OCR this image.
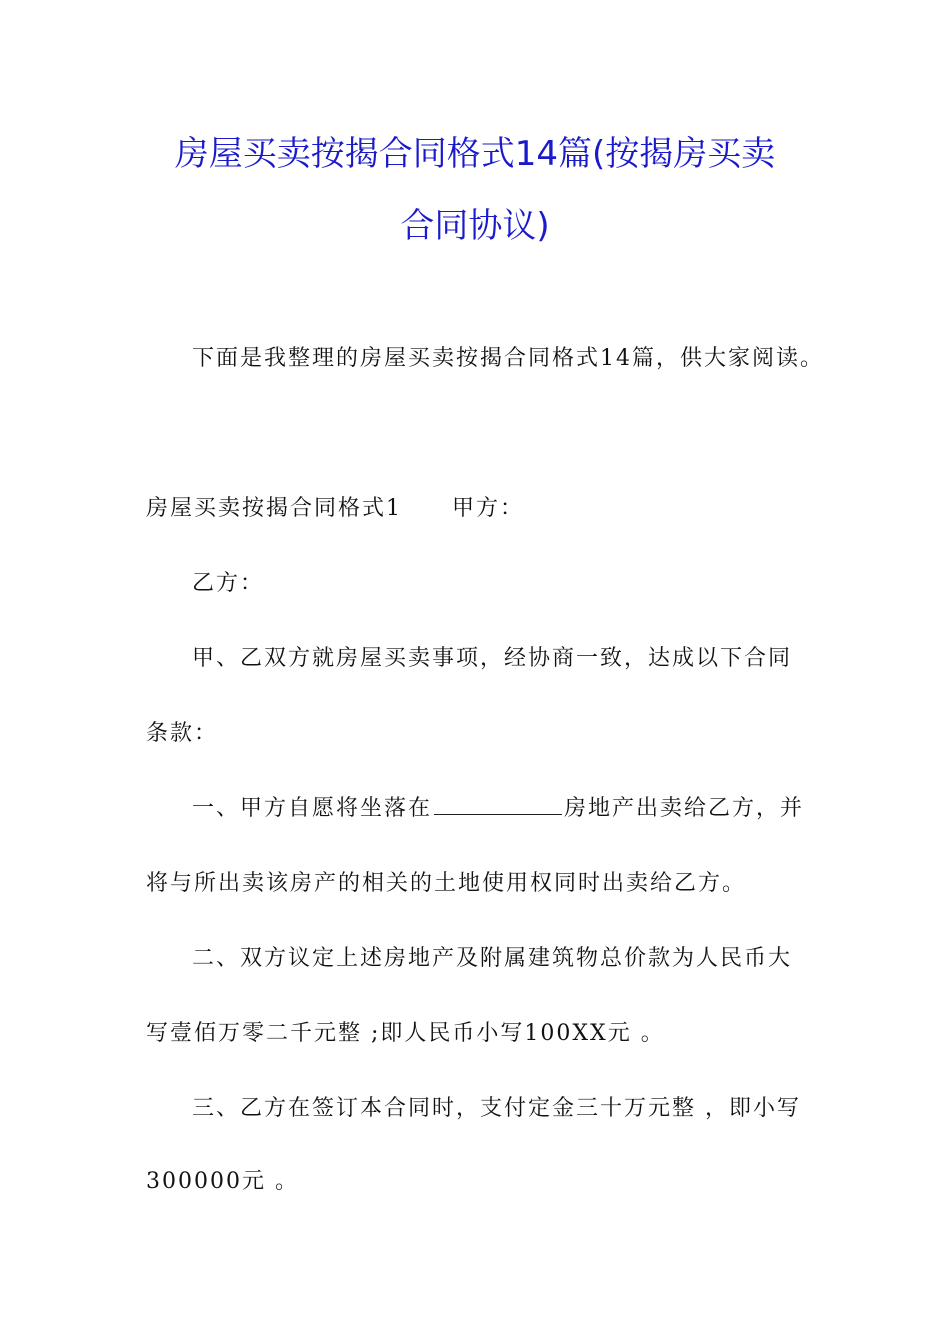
房屋买卖按揭合同格式14篇(按揭房买卖
合同协议)
下面是我整理的房屋买卖按揭合同格式14篇，供大家阅读。
房屋买卖按揭合同格式1 甲方：
乙方：
甲、乙双方就房屋买卖事项，经协商一致，达成以下合同
条款：
一、甲方自愿将坐落在	房地产出卖给乙方，并
将与所出卖该房产的相关的土地使用权同时出卖给乙方。
二、双方议定上述房地产及附属建筑物总价款为人民币大
写壹佰万零二千元整 ;即人民币小写100XX元 。
三、乙方在签订本合同时，支付定金三十万元整 ，即小写
300000元 。
